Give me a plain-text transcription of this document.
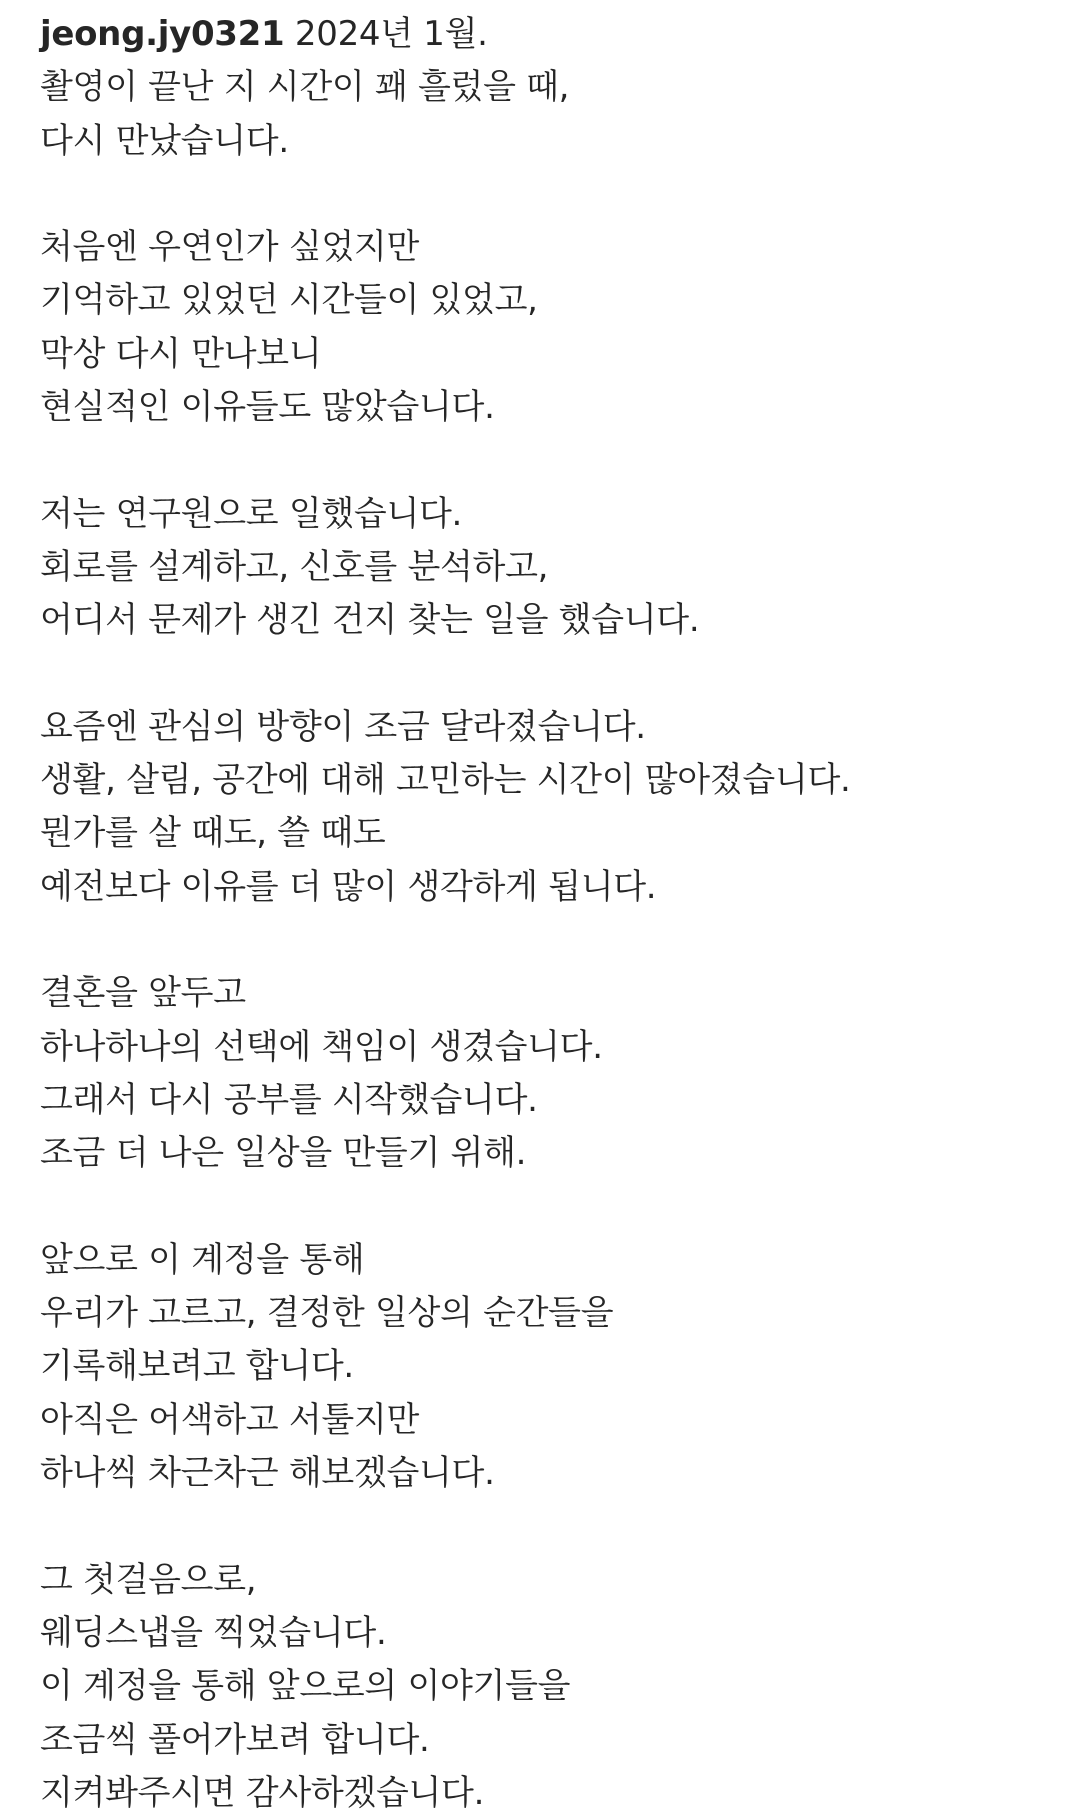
jeong.jy0321 2024년 1월.
촬영이 끝난 지 시간이 꽤 흘렀을 때,
다시 만났습니다.
처음엔 우연인가 싶었지만
기억하고 있었던 시간들이 있었고,
막상 다시 만나보니
현실적인 이유들도 많았습니다.
저는 연구원으로 일했습니다.
회로를 설계하고, 신호를 분석하고,
어디서 문제가 생긴 건지 찾는 일을 했습니다.
요즘엔 관심의 방향이 조금 달라졌습니다.
생활, 살림, 공간에 대해 고민하는 시간이 많아졌습니다.
뭔가를 살 때도, 쓸 때도
예전보다 이유를 더 많이 생각하게 됩니다.
결혼을 앞두고
하나하나의 선택에 책임이 생겼습니다.
그래서 다시 공부를 시작했습니다.
조금 더 나은 일상을 만들기 위해.
앞으로 이 계정을 통해
우리가 고르고, 결정한 일상의 순간들을
기록해보려고 합니다.
아직은 어색하고 서툴지만
하나씩 차근차근 해보겠습니다.
그 첫걸음으로,
웨딩스냅을 찍었습니다.
이 계정을 통해 앞으로의 이야기들을
조금씩 풀어가보려 합니다.
지켜봐주시면 감사하겠습니다.
